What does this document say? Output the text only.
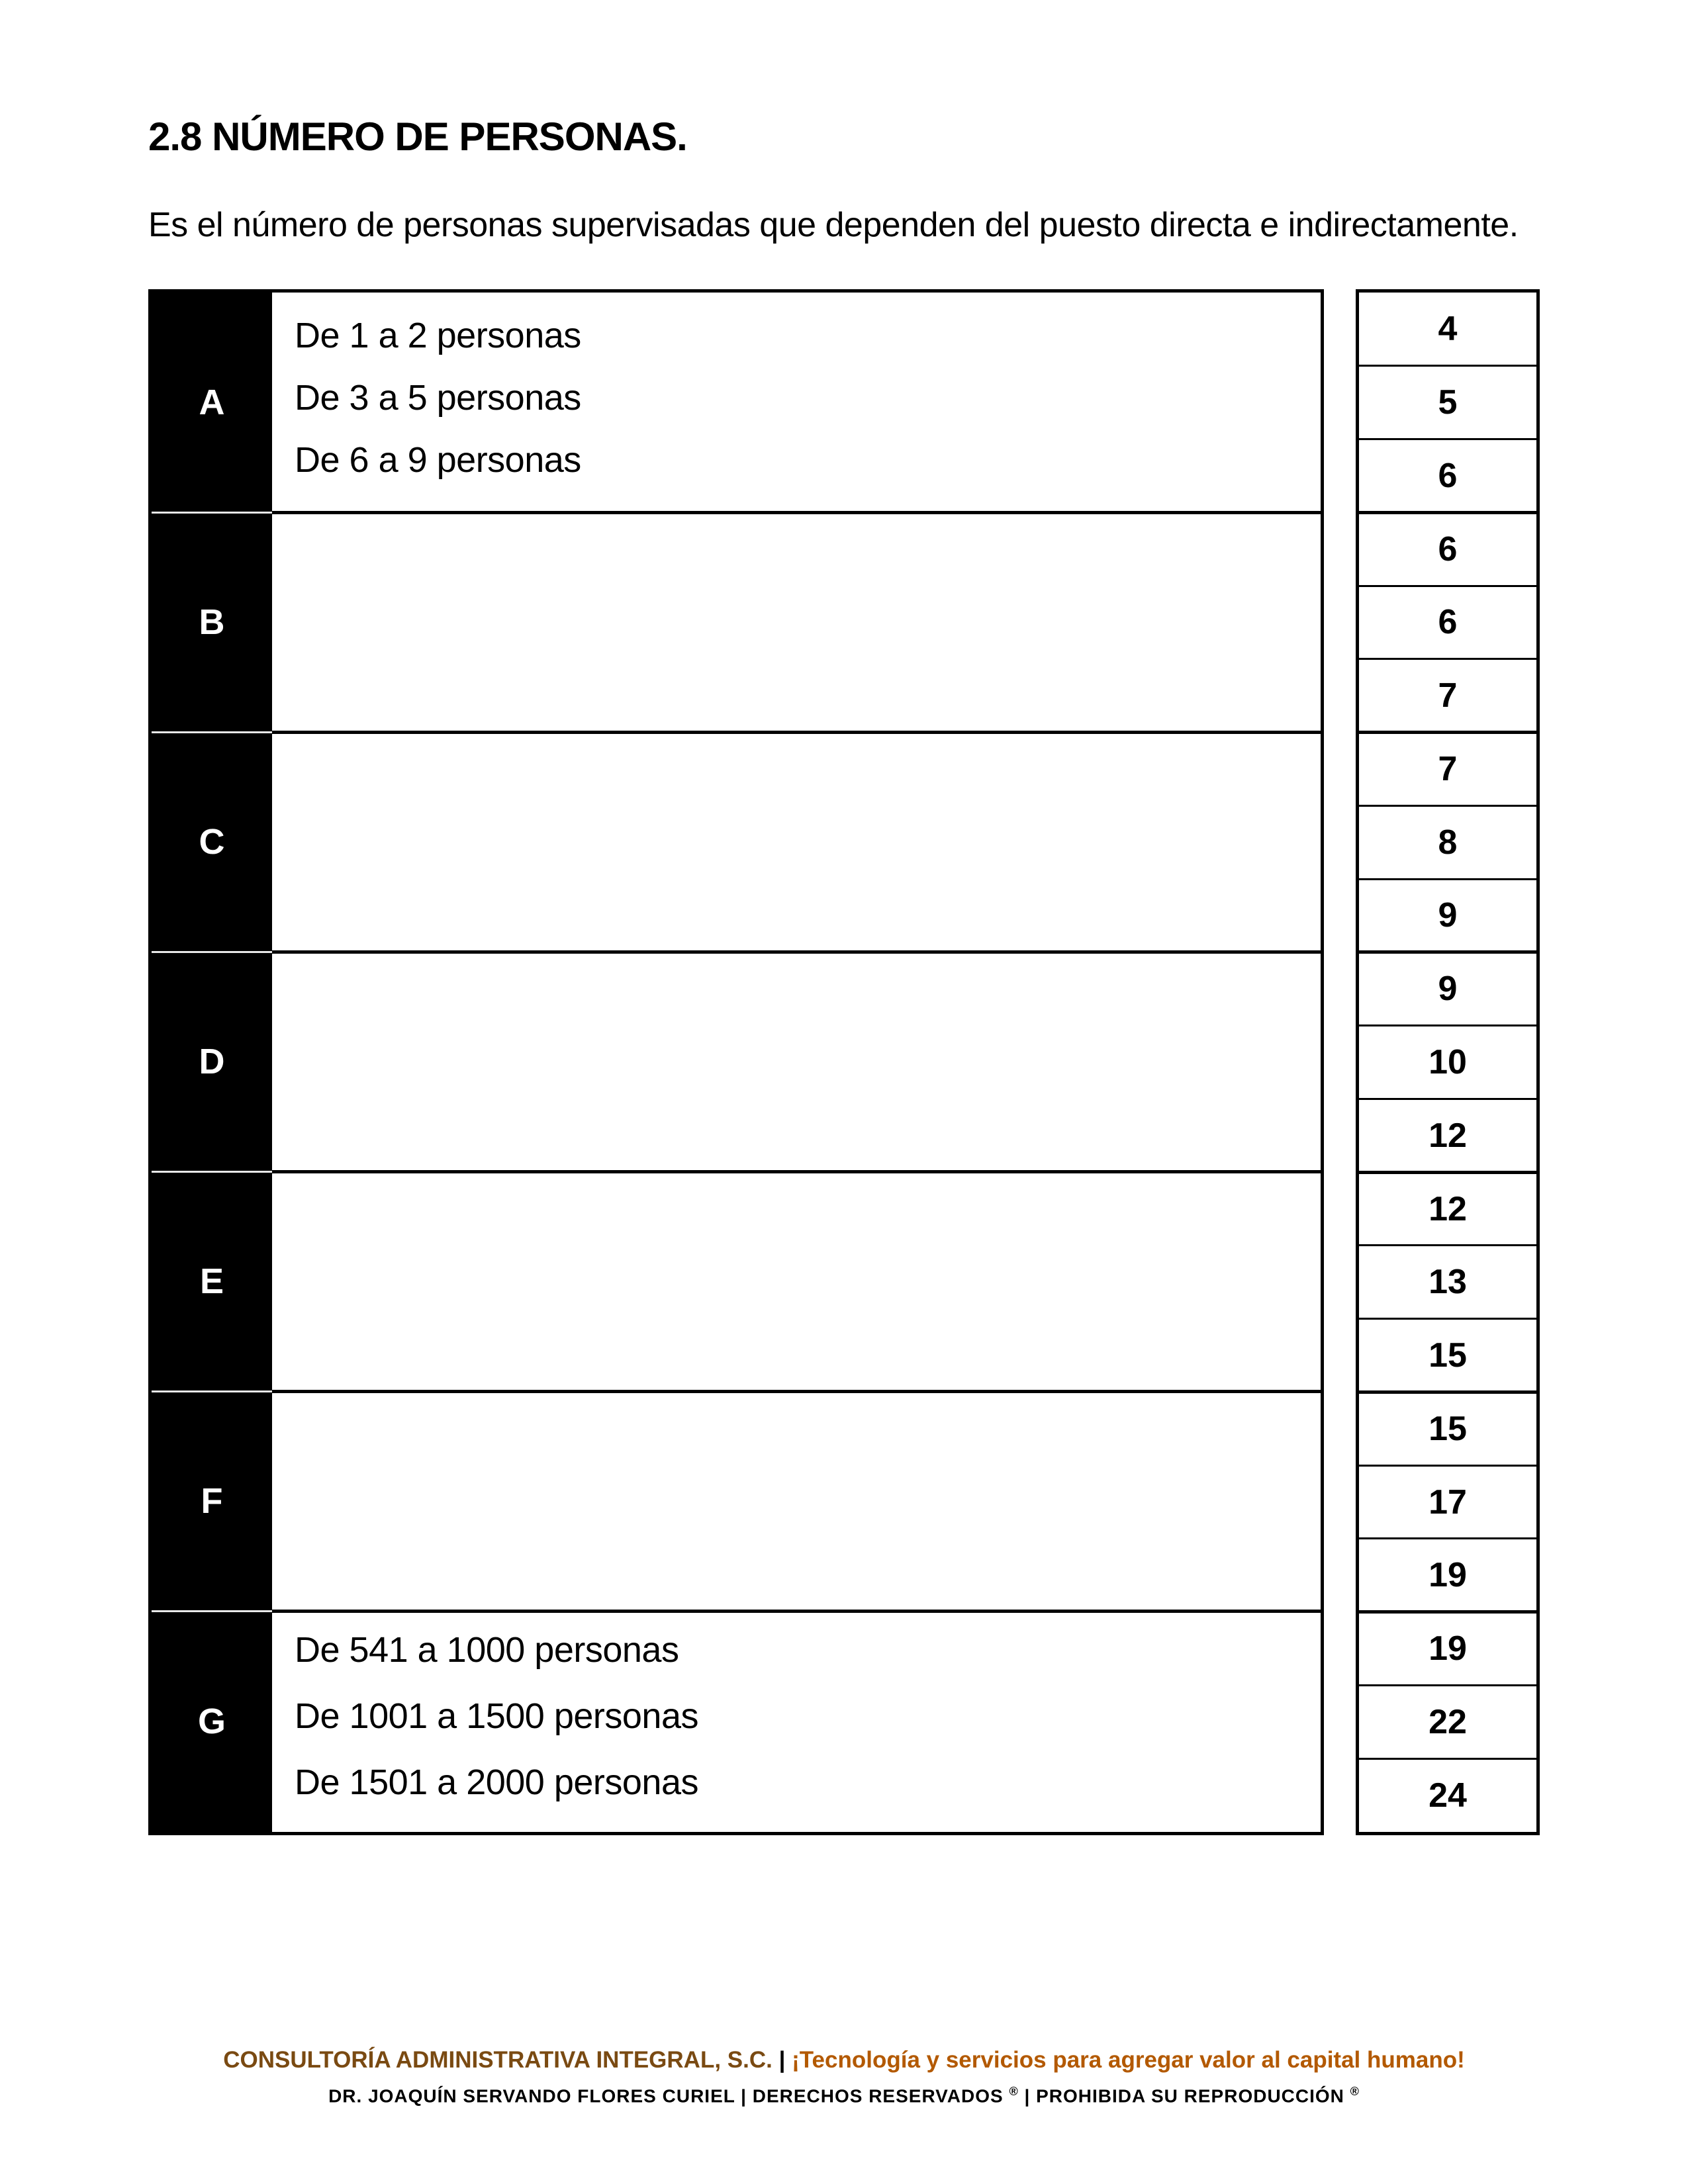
2.8 NÚMERO DE PERSONAS.
Es el número de personas supervisadas que dependen del puesto directa e indirectamente.
A
De 1 a 2 personas
De 3 a 5 personas
De 6 a 9 personas
B
C
D
E
F
G
De 541 a 1000 personas
De 1001 a 1500 personas
De 1501 a 2000 personas
4
5
6
6
6
7
7
8
9
9
10
12
12
13
15
15
17
19
19
22
24
CONSULTORÍA ADMINISTRATIVA INTEGRAL, S.C. | ¡Tecnología y servicios para agregar valor al capital humano!
DR. JOAQUÍN SERVANDO FLORES CURIEL | DERECHOS RESERVADOS ® | PROHIBIDA SU REPRODUCCIÓN ®
